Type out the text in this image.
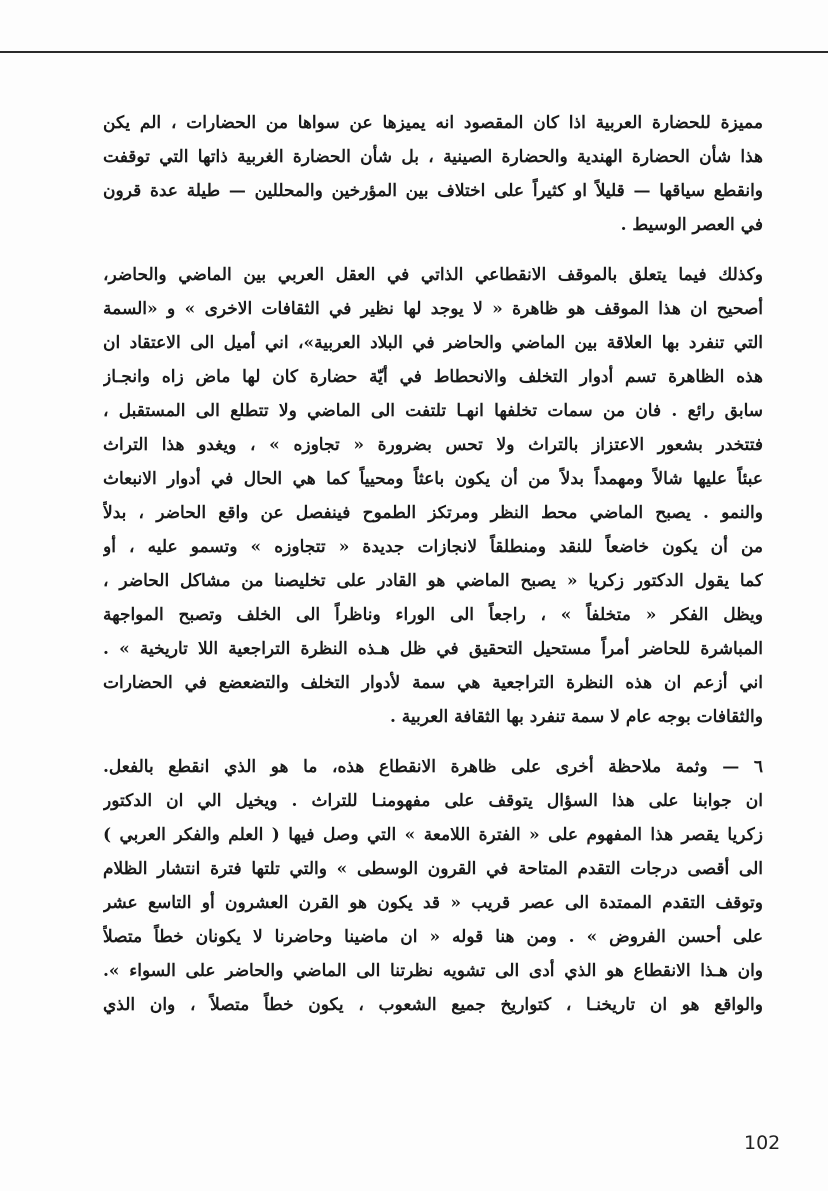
مميزة للحضارة العربية اذا كان المقصود انه يميزها عن سواها من الحضارات ، الم يكن
هذا شأن الحضارة الهندية والحضارة الصينية ، بل شأن الحضارة الغربية ذاتها التي توقفت
وانقطع سياقها — قليلاً او كثيراً على اختلاف بين المؤرخين والمحللين — طيلة عدة قرون
في العصر الوسيط .
وكذلك فيما يتعلق بالموقف الانقطاعي الذاتي في العقل العربي بين الماضي والحاضر،
أصحيح ان هذا الموقف هو ظاهرة « لا يوجد لها نظير في الثقافات الاخرى » و «السمة
التي تنفرد بها العلاقة بين الماضي والحاضر في البلاد العربية»، اني أميل الى الاعتقاد ان
هذه الظاهرة تسم أدوار التخلف والانحطاط في أيّة حضارة كان لها ماض زاه وانجـاز
سابق رائع . فان من سمات تخلفها انهـا تلتفت الى الماضي ولا تتطلع الى المستقبل ،
فتتخدر بشعور الاعتزاز بالتراث ولا تحس بضرورة « تجاوزه » ، ويغدو هذا التراث
عبئاً عليها شالاً ومهمداً بدلاً من أن يكون باعثاً ومحيياً كما هي الحال في أدوار الانبعاث
والنمو . يصبح الماضي محط النظر ومرتكز الطموح فينفصل عن واقع الحاضر ، بدلاً
من أن يكون خاضعاً للنقد ومنطلقاً لانجازات جديدة « تتجاوزه » وتسمو عليه ، أو
كما يقول الدكتور زكريا « يصبح الماضي هو القادر على تخليصنا من مشاكل الحاضر ،
ويظل الفكر « متخلفاً » ، راجعاً الى الوراء وناظراً الى الخلف وتصبح المواجهة
المباشرة للحاضر أمراً مستحيل التحقيق في ظل هـذه النظرة التراجعية اللا تاريخية » .
اني أزعم ان هذه النظرة التراجعية هي سمة لأدوار التخلف والتضعضع في الحضارات
والثقافات بوجه عام لا سمة تنفرد بها الثقافة العربية .
٦ — وثمة ملاحظة أخرى على ظاهرة الانقطاع هذه، ما هو الذي انقطع بالفعل.
ان جوابنا على هذا السؤال يتوقف على مفهومنـا للتراث . ويخيل الي ان الدكتور
زكريا يقصر هذا المفهوم على « الفترة اللامعة » التي وصل فيها ( العلم والفكر العربي )
الى أقصى درجات التقدم المتاحة في القرون الوسطى » والتي تلتها فترة انتشار الظلام
وتوقف التقدم الممتدة الى عصر قريب « قد يكون هو القرن العشرون أو التاسع عشر
على أحسن الفروض » . ومن هنا قوله « ان ماضينا وحاضرنا لا يكونان خطاً متصلاً
وان هـذا الانقطاع هو الذي أدى الى تشويه نظرتنا الى الماضي والحاضر على السواء ».
والواقع هو ان تاريخنـا ، كتواريخ جميع الشعوب ، يكون خطاً متصلاً ، وان الذي
102
